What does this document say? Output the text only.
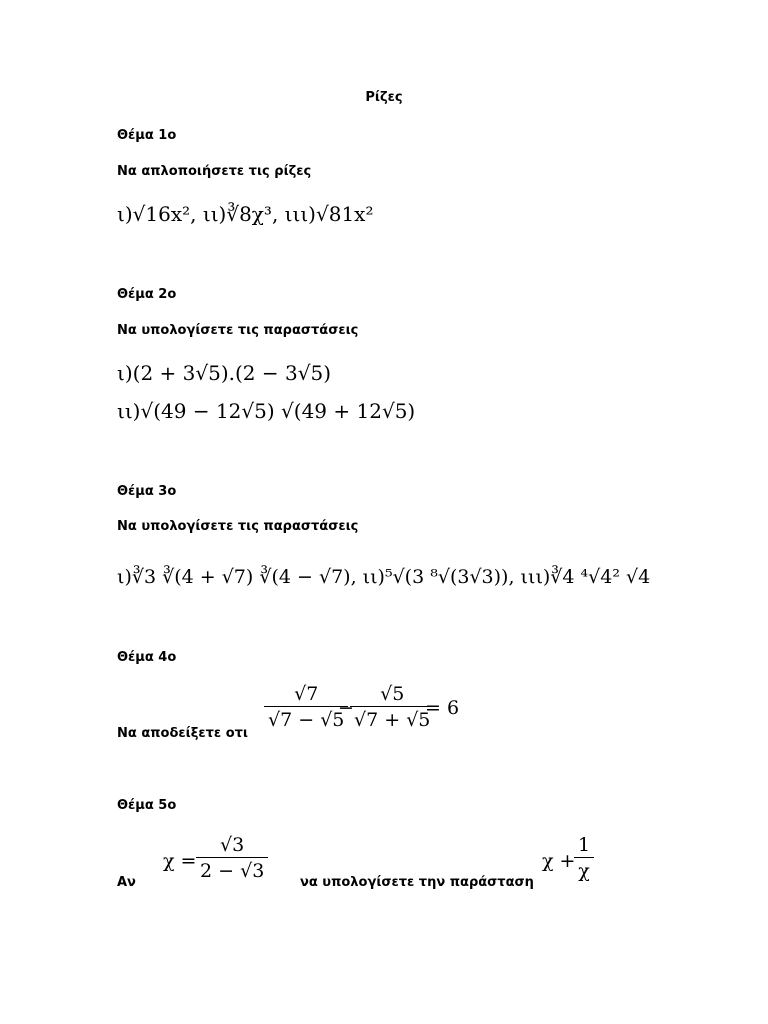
Ρίζες
Θέμα 1ο
Να απλοποιήσετε τις ρίζες
ι)√16x², ιι)∛8χ³, ιιι)√81x²
Θέμα 2ο
Να υπολογίσετε τις παραστάσεις
ι)(2 + 3√5).(2 − 3√5)
ιι)√(49 − 12√5) √(49 + 12√5)
Θέμα 3ο
Να υπολογίσετε τις παραστάσεις
ι)∛3 ∛(4 + √7) ∛(4 − √7), ιι)⁵√(3 ⁸√(3√3)), ιιι)∛4 ⁴√4² √4
Θέμα 4ο
Να αποδείξετε οτι
$\frac{√7}{√7 - √5}$
−
$\frac{√5}{√7 + √5}$
= 6
Θέμα 5ο
Αν
$\chi = \frac{√3}{2 - √3}$
να υπολογίσετε την παράσταση
χ +
$\frac{1}{\chi}$
